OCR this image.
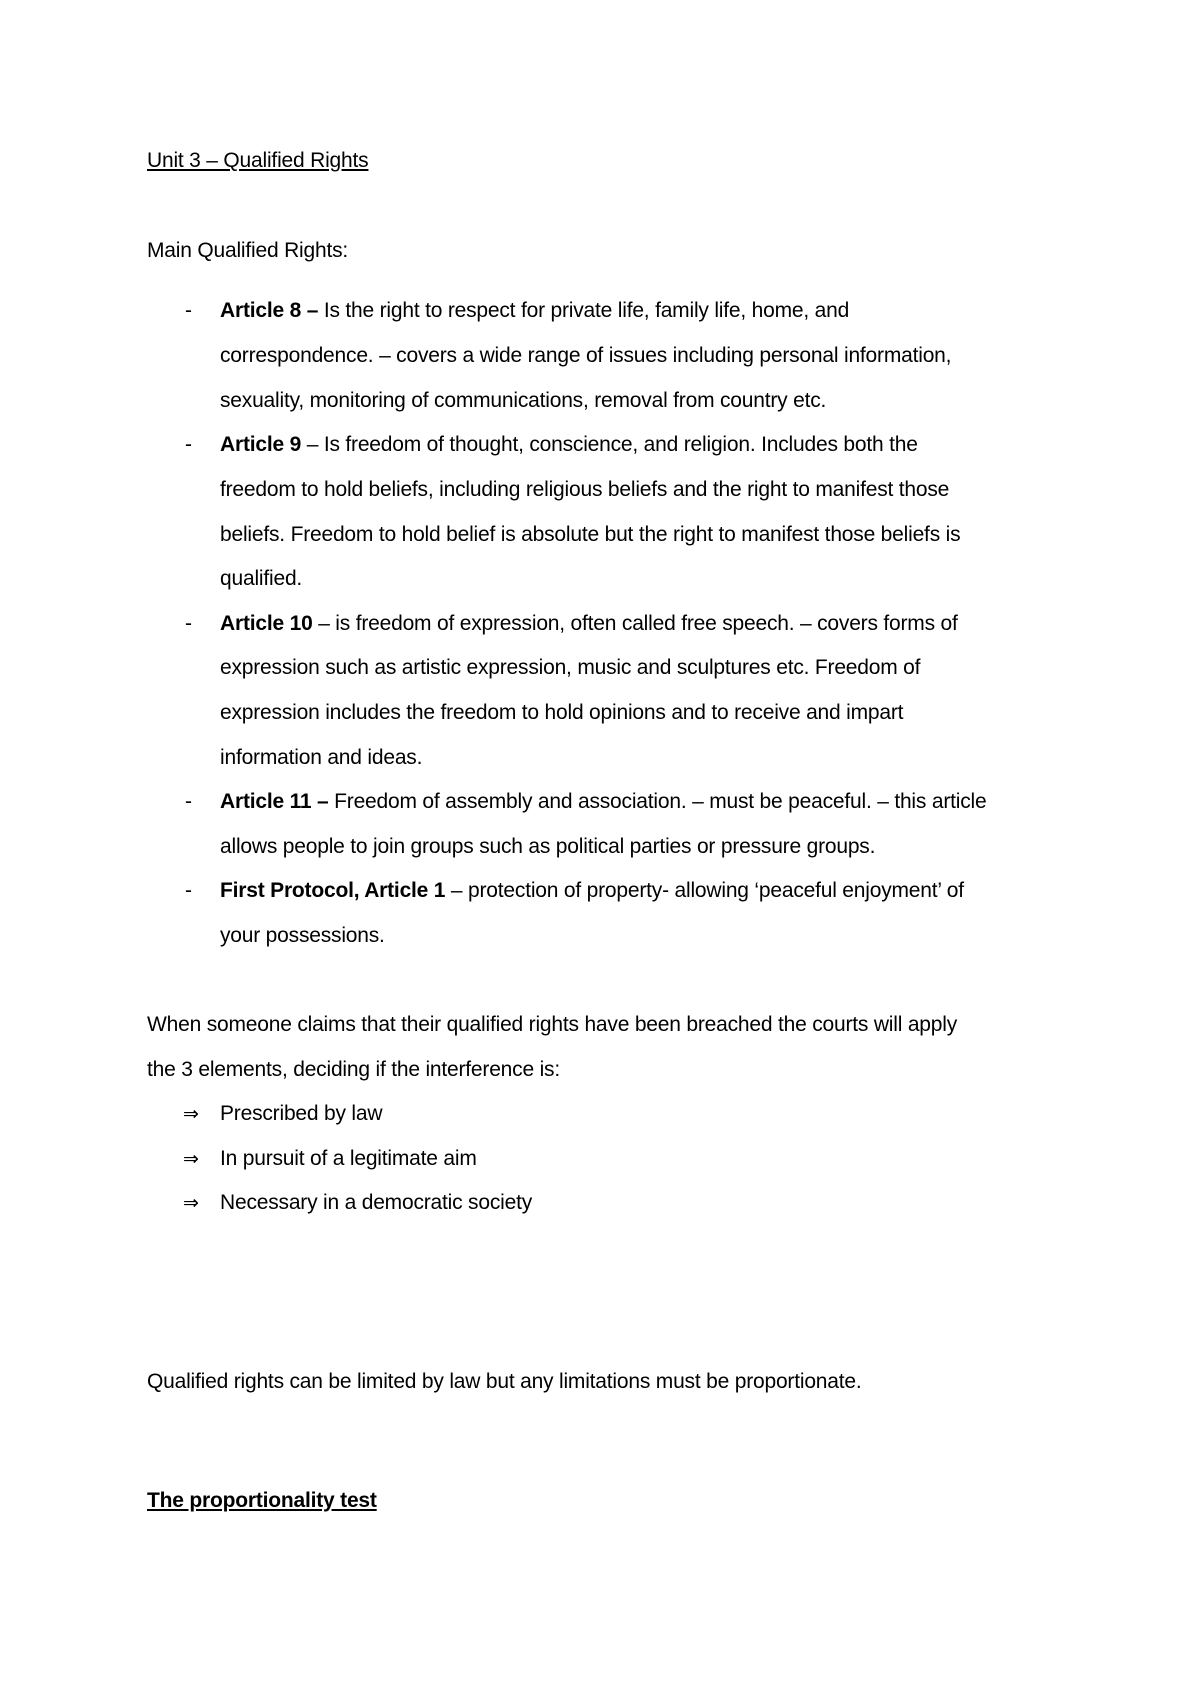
Unit 3 – Qualified Rights
Main Qualified Rights:
- Article 8 – Is the right to respect for private life, family life, home, and
correspondence. – covers a wide range of issues including personal information,
sexuality, monitoring of communications, removal from country etc.
- Article 9 – Is freedom of thought, conscience, and religion. Includes both the
freedom to hold beliefs, including religious beliefs and the right to manifest those
beliefs. Freedom to hold belief is absolute but the right to manifest those beliefs is
qualified.
- Article 10 – is freedom of expression, often called free speech. – covers forms of
expression such as artistic expression, music and sculptures etc. Freedom of
expression includes the freedom to hold opinions and to receive and impart
information and ideas.
- Article 11 – Freedom of assembly and association. – must be peaceful. – this article
allows people to join groups such as political parties or pressure groups.
- First Protocol, Article 1 – protection of property- allowing ‘peaceful enjoyment’ of
your possessions.
When someone claims that their qualified rights have been breached the courts will apply
the 3 elements, deciding if the interference is:
⇒ Prescribed by law
⇒ In pursuit of a legitimate aim
⇒ Necessary in a democratic society
Qualified rights can be limited by law but any limitations must be proportionate.
The proportionality test
